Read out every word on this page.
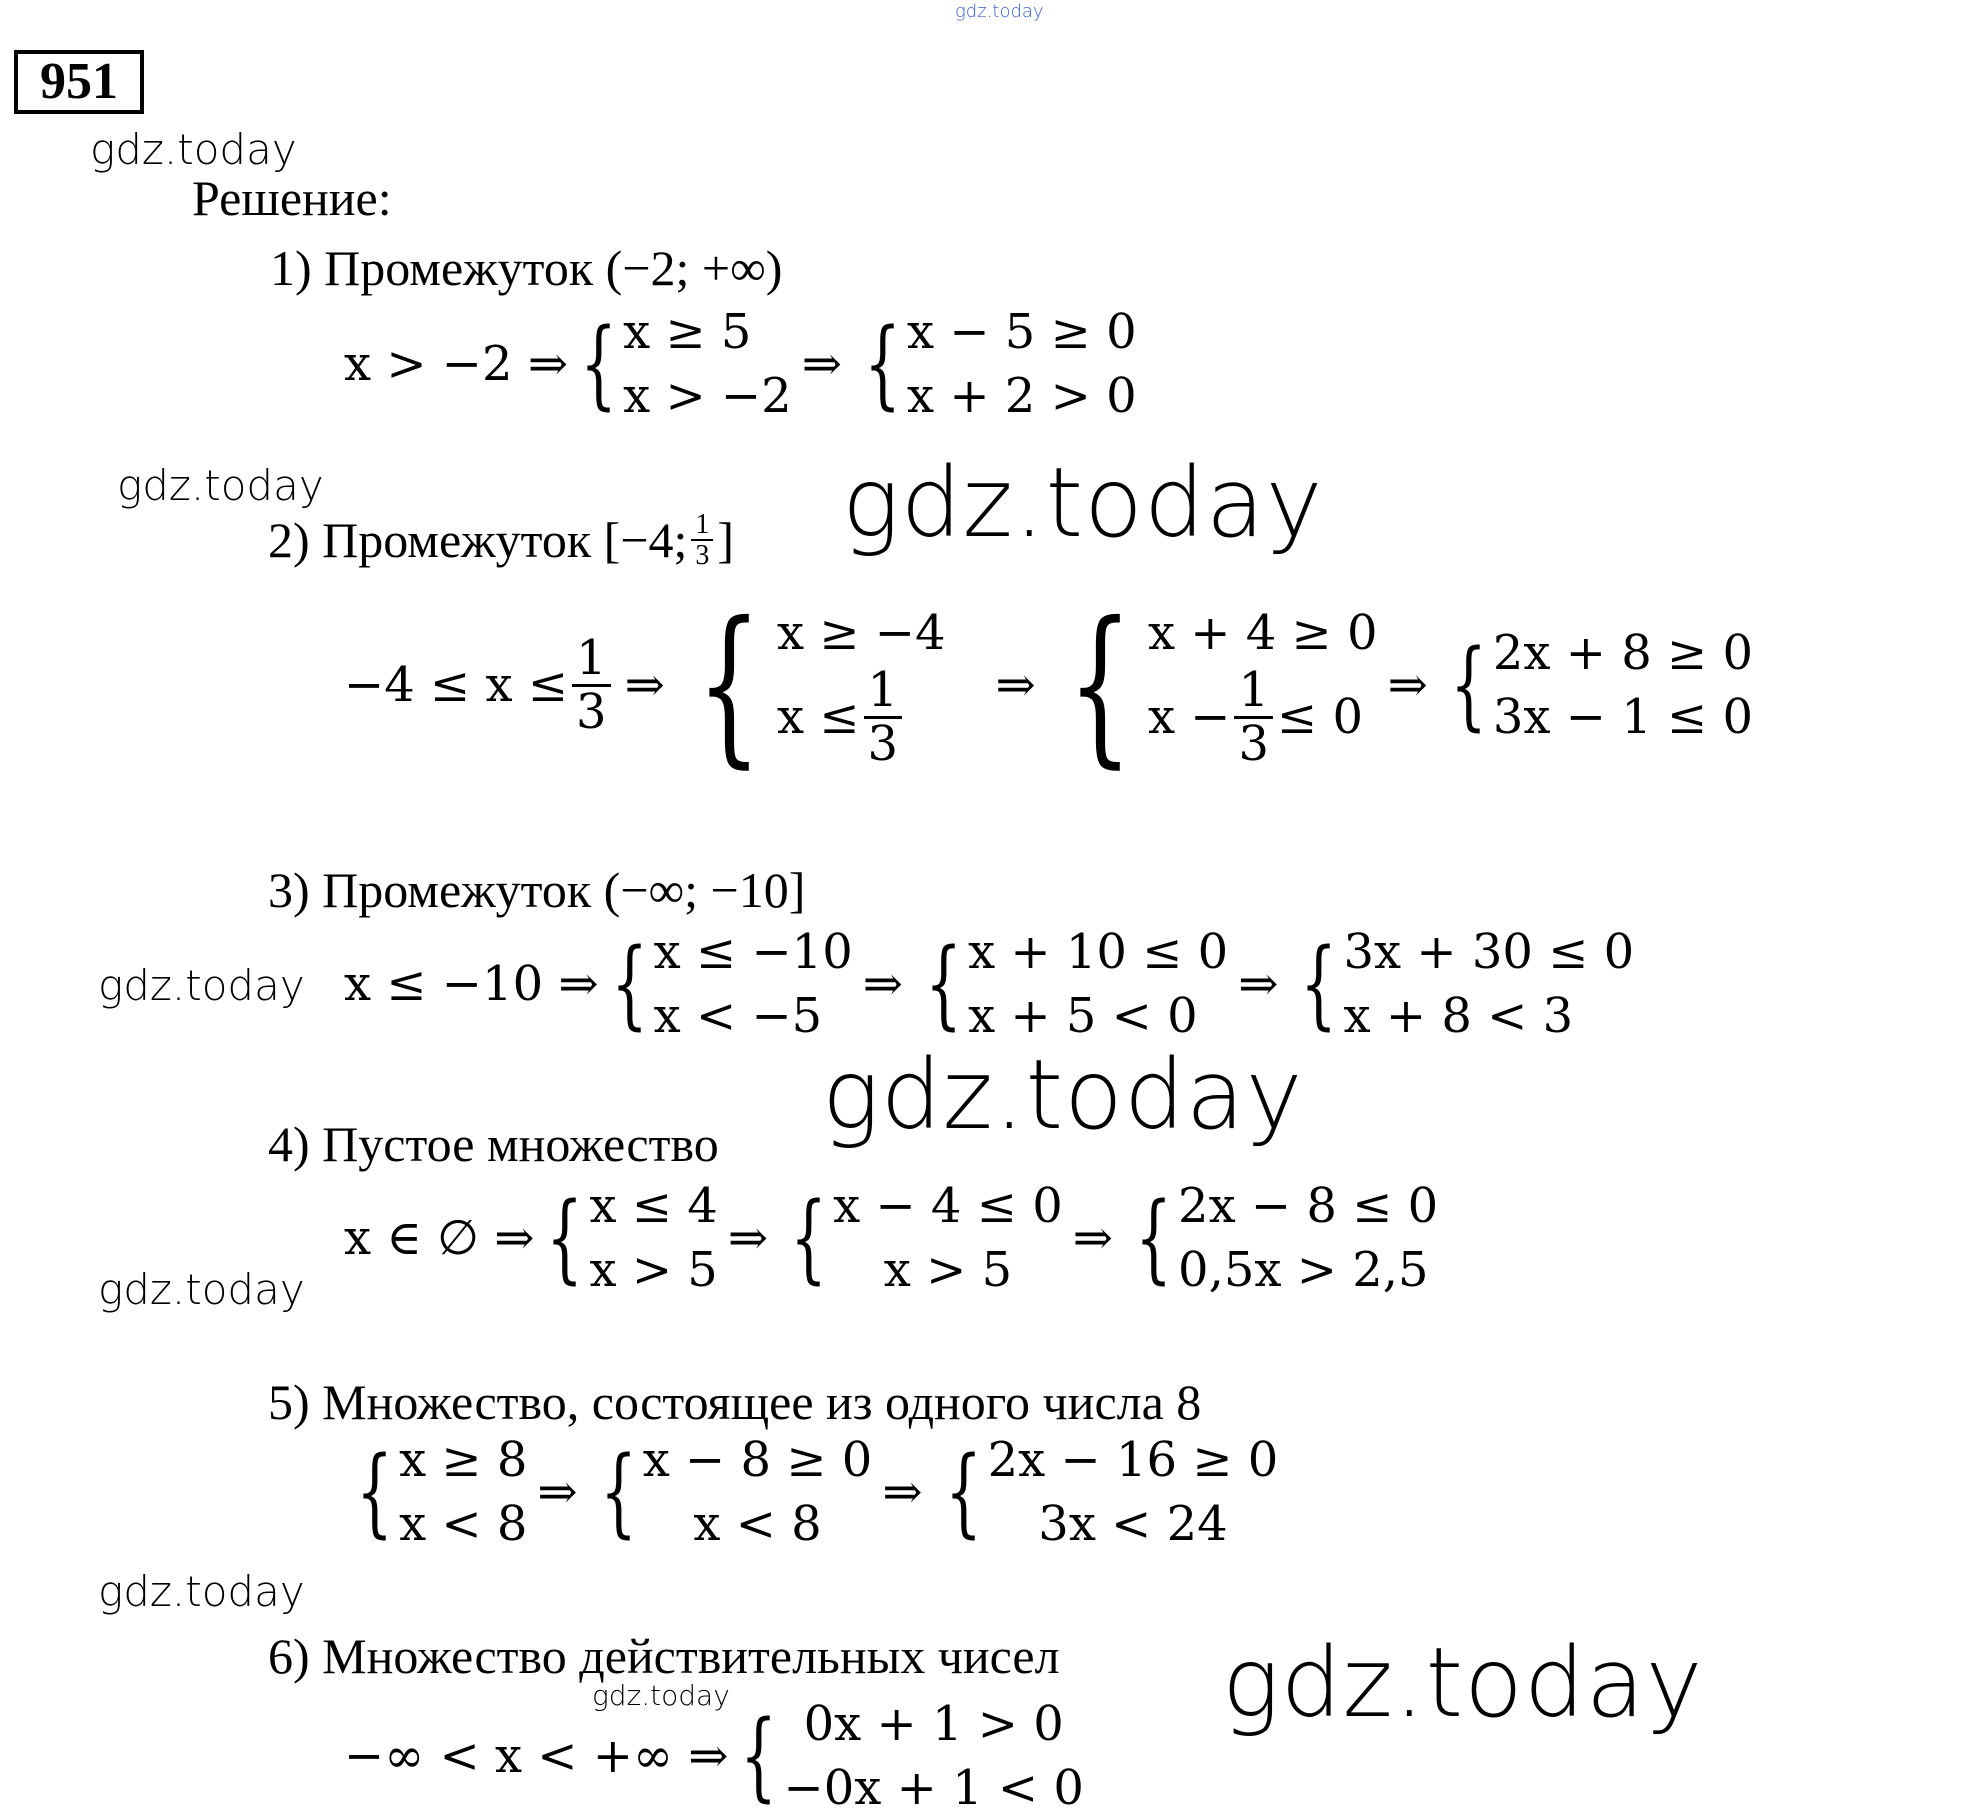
gdz.today
951
gdz.today
gdz.today	gdz.today
gdz.today
gdz.today
gdz.today
gdz.today
gdz.today	gdz.today
Решение:
1) Промежуток (−2; +∞)
x > −2 ⇒ { x ≥ 5
x > −2
⇒ { x − 5 ≥ 0
x + 2 > 0
2) Промежуток [−4; $\frac{1}{3}$ ]
$-4 \le x \le \frac{1}{3}$ ⇒ { x ≥ −4
$x \le \frac{1}{3}$ ⇒ { x + 4 ≥ 0
$x - \frac{1}{3} \le 0$
⇒ { 2x + 8 ≥ 0
3x − 1 ≤ 0
3) Промежуток (−∞; −10]
x ≤ −10 ⇒ { x ≤ −10
x < −5
⇒ { x + 10 ≤ 0
x + 5 < 0
⇒ { 3x + 30 ≤ 0
x + 8 < 3
4) Пустое множество
x ∈ ∅ ⇒ { x ≤ 4
x > 5
⇒ { x − 4 ≤ 0
x > 5
⇒ { 2x − 8 ≤ 0
0,5x > 2,5
5) Множество, состоящее из одного числа 8
{ x ≥ 8
x < 8
⇒ { x − 8 ≥ 0
x < 8
⇒ { 2x − 16 ≥ 0
3x < 24
6) Множество действительных чисел
−∞ < x < +∞ ⇒ { 0x + 1 > 0
−0x + 1 < 0
